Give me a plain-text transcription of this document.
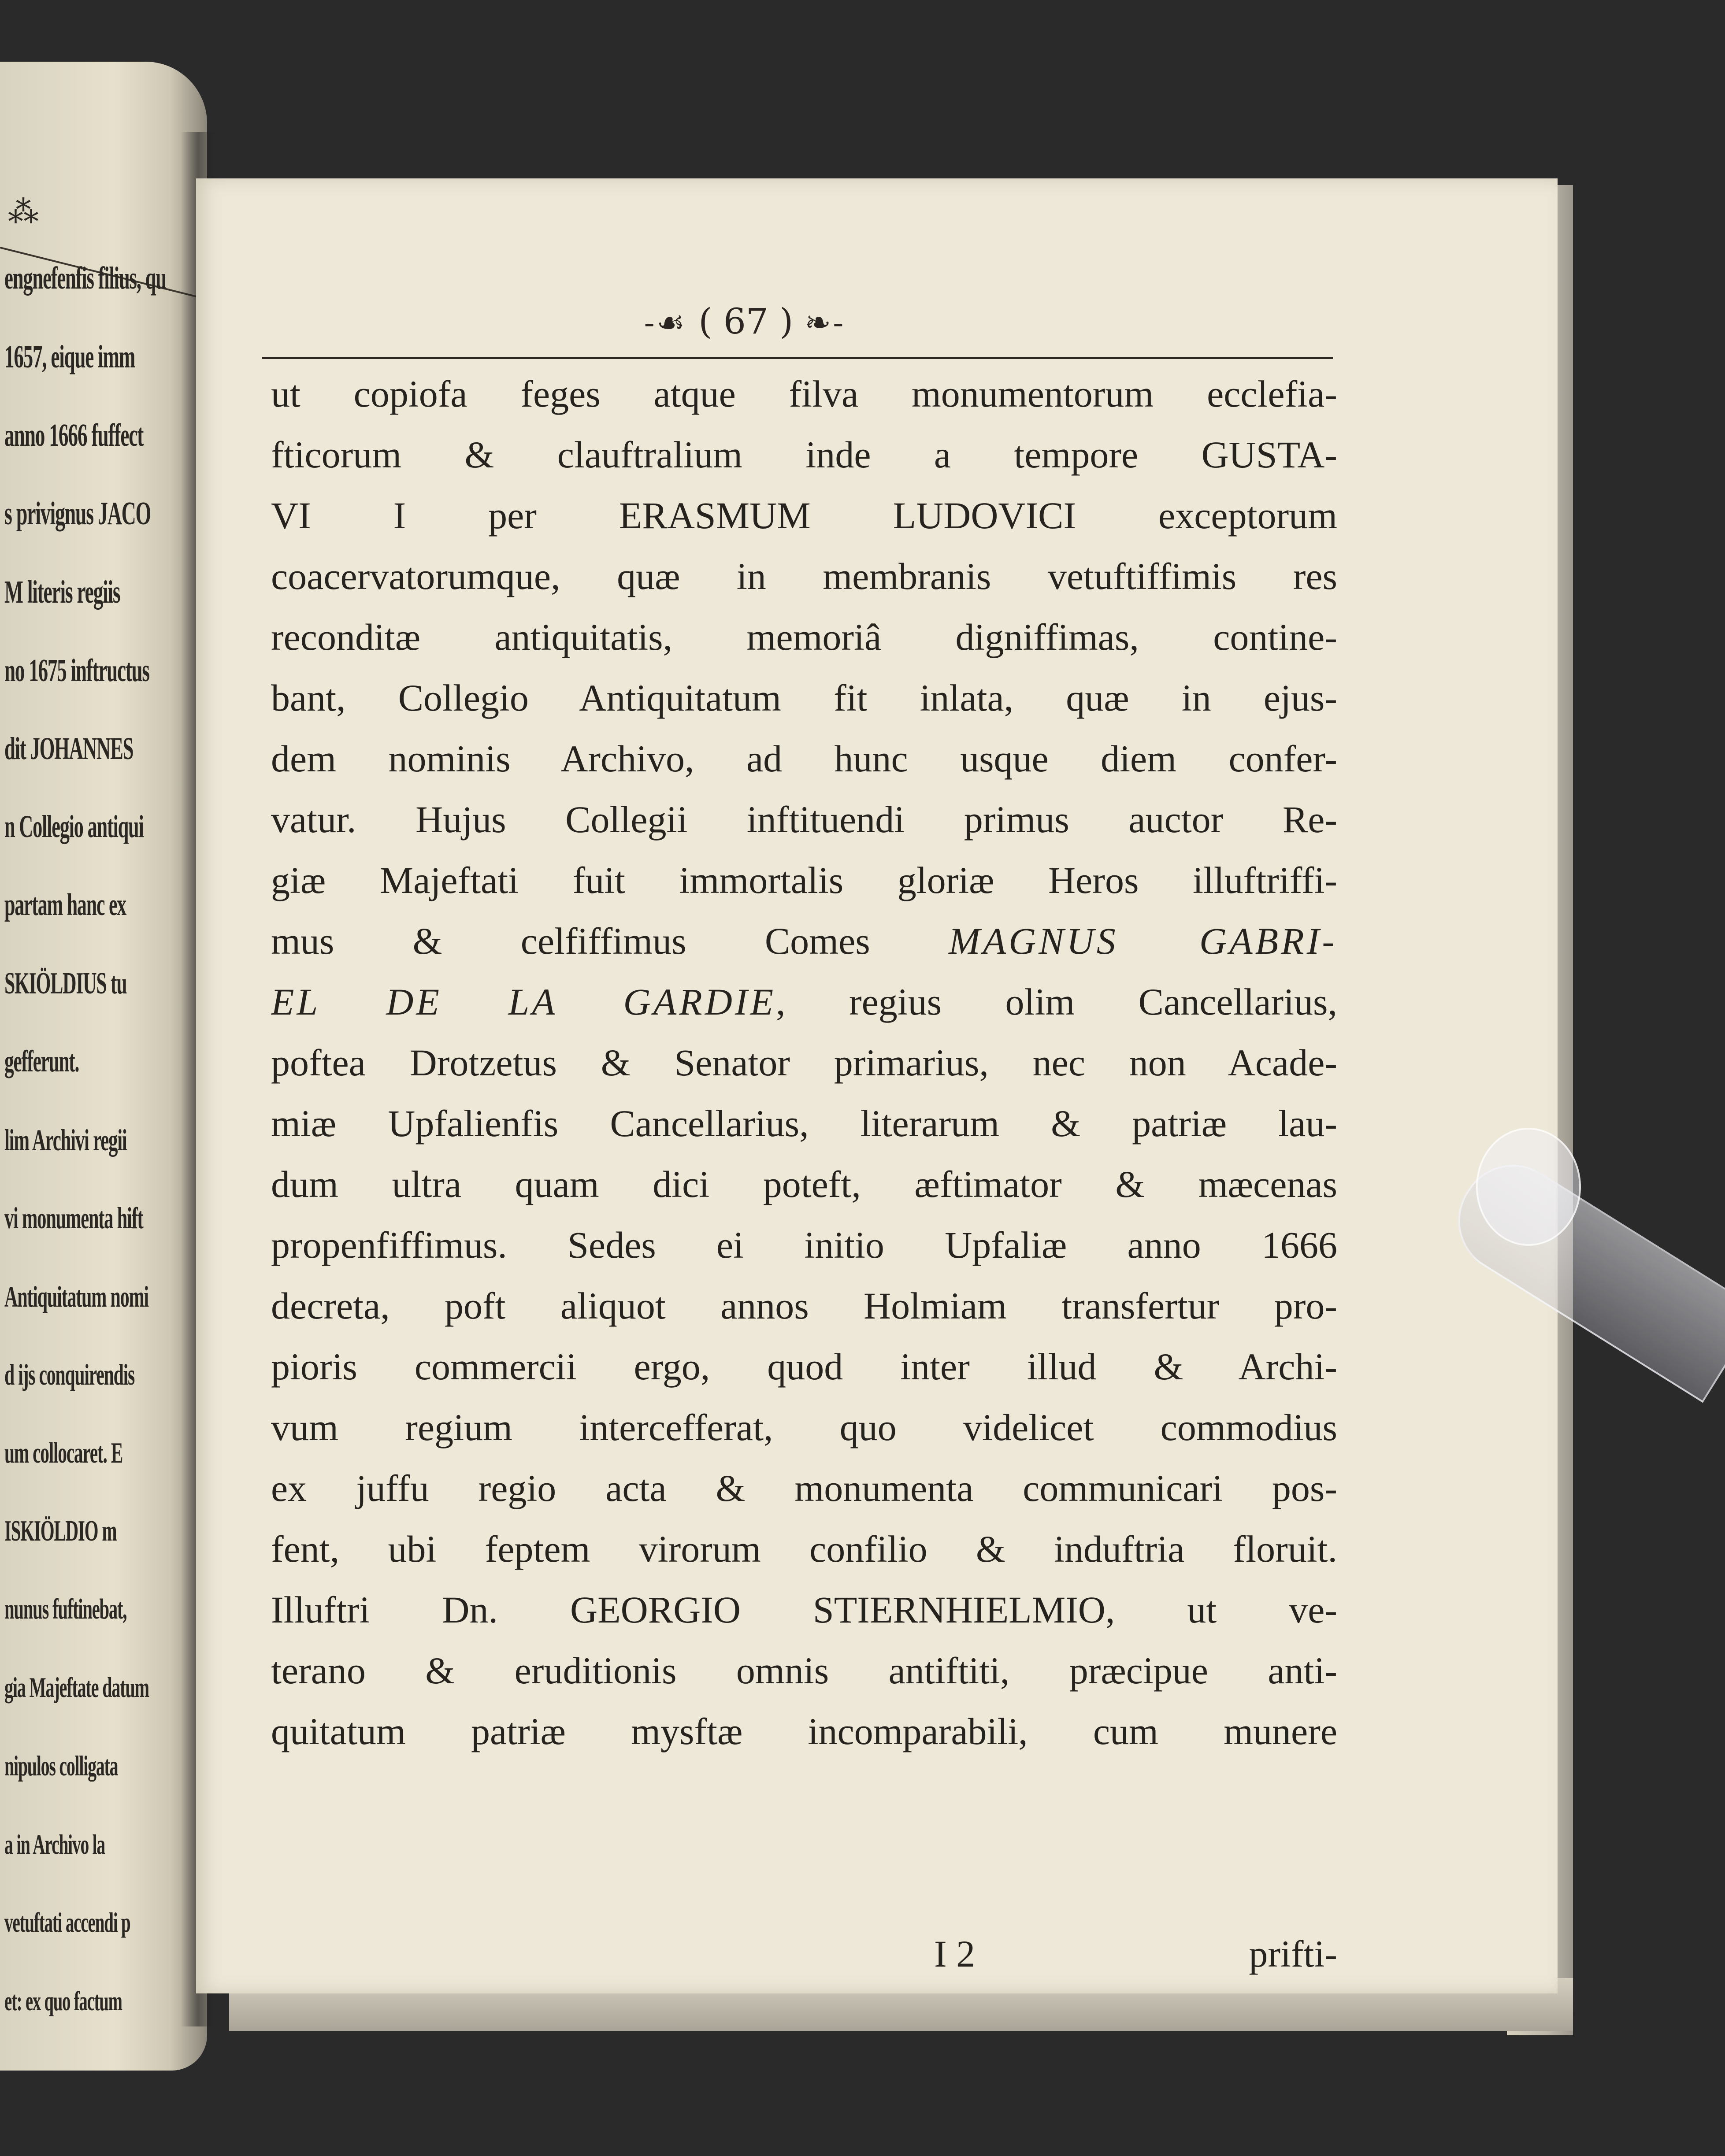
⁂
engnefenfis filius, qu
1657, eique imm
anno 1666 fuffect
s privignus JACO
M literis regiis
no 1675 inftructus
dit JOHANNES
n Collegio antiqui
partam hanc ex
SKIÖLDIUS tu
gefferunt.
lim Archivi regii
vi monumenta hift
Antiquitatum nomi
d ijs conquirendis
um collocaret. E
ISKIÖLDIO m
nunus fuftinebat,
gia Majeftate datum
nipulos colligata
a in Archivo la
vetuftati accendi p
et: ex quo factum
-☙ ( 67 ) ❧-
ut copiofa feges atque filva monumentorum ecclefia-
fticorum & clauftralium inde a tempore GUSTA-
VI I per ERASMUM LUDOVICI exceptorum
coacervatorumque, quæ in membranis vetuftiffimis res
reconditæ antiquitatis, memoriâ digniffimas, contine-
bant, Collegio Antiquitatum fit inlata, quæ in ejus-
dem nominis Archivo, ad hunc usque diem confer-
vatur. Hujus Collegii inftituendi primus auctor Re-
giæ Majeftati fuit immortalis gloriæ Heros illuftriffi-
mus & celfiffimus Comes MAGNUS GABRI-
EL DE LA GARDIE, regius olim Cancellarius,
poftea Drotzetus & Senator primarius, nec non Acade-
miæ Upfalienfis Cancellarius, literarum & patriæ lau-
dum ultra quam dici poteft, æftimator & mæcenas
propenfiffimus. Sedes ei initio Upfaliæ anno 1666
decreta, poft aliquot annos Holmiam transfertur pro-
pioris commercii ergo, quod inter illud & Archi-
vum regium intercefferat, quo videlicet commodius
ex juffu regio acta & monumenta communicari pos-
fent, ubi feptem virorum confilio & induftria floruit.
Illuftri Dn. GEORGIO STIERNHIELMIO, ut ve-
terano & eruditionis omnis antiftiti, præcipue anti-
quitatum patriæ mysftæ incomparabili, cum munere
I 2	prifti-
